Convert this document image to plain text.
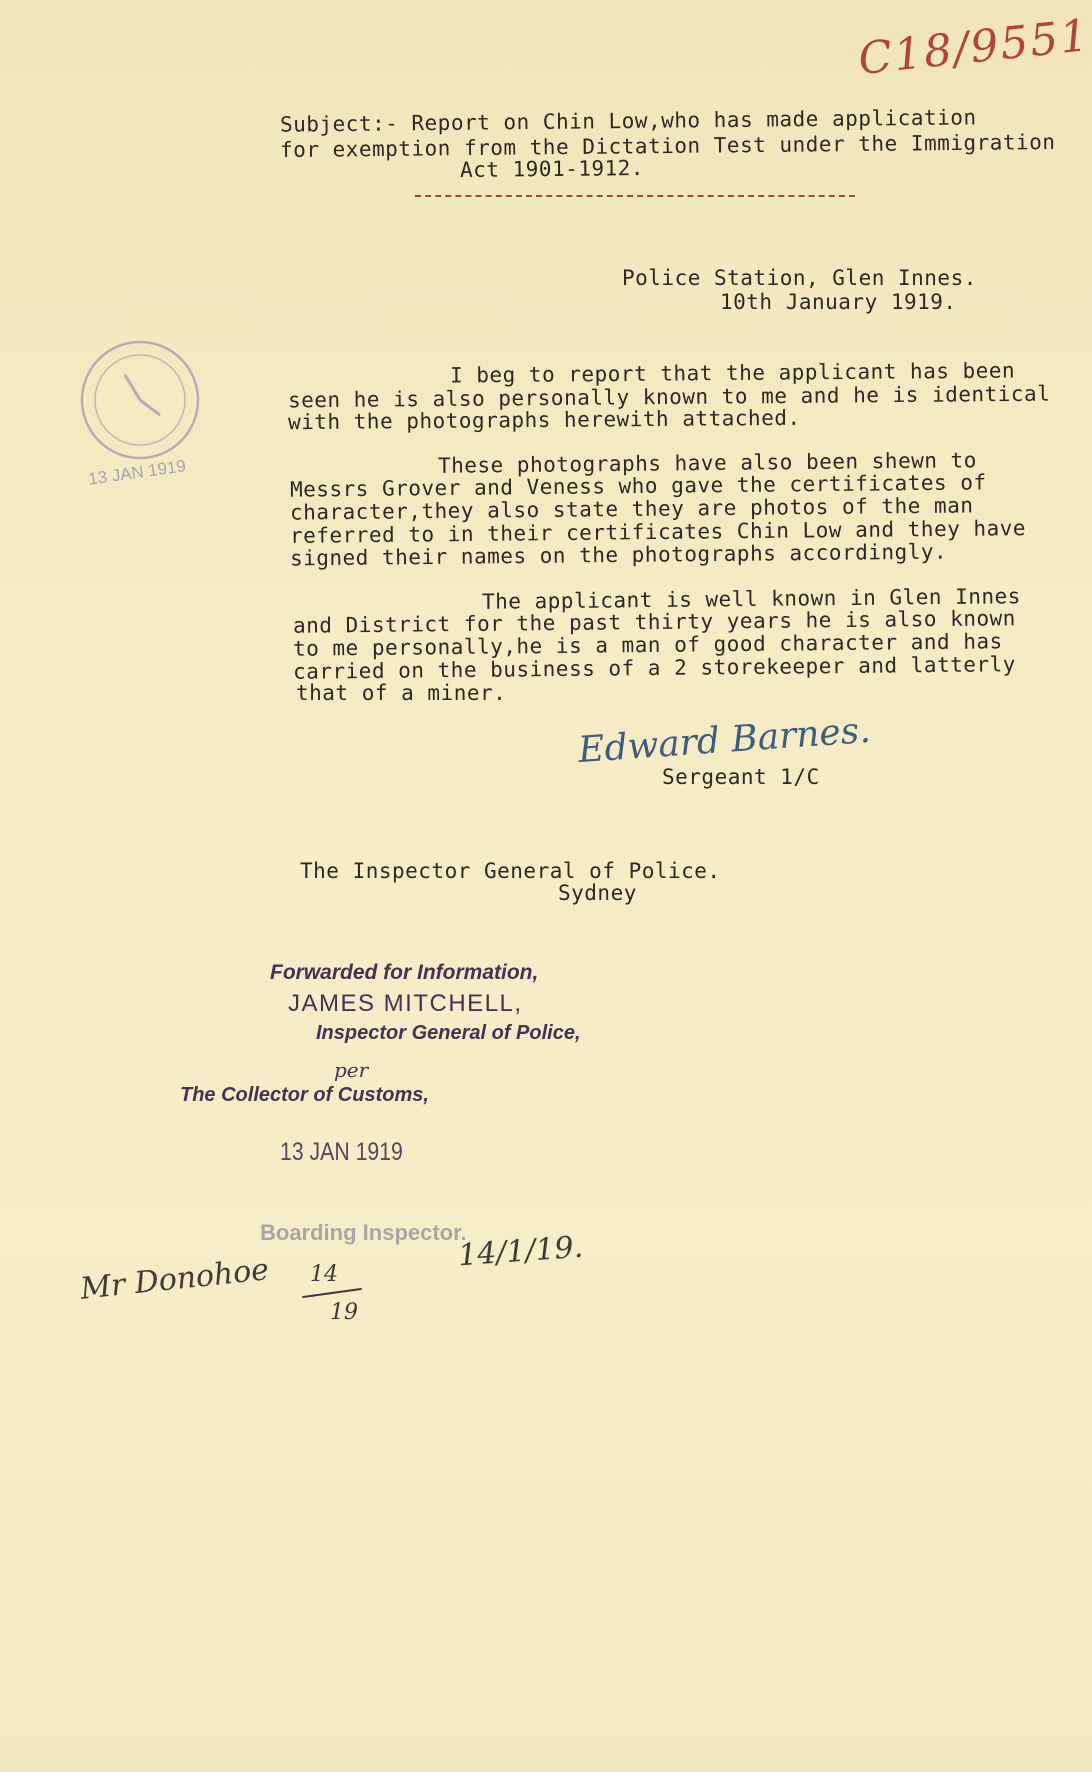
C18/9551
Subject:- Report on Chin Low,who has made application
for exemption from the Dictation Test under the Immigration
Act 1901-1912.
Police Station, Glen Innes.
10th January 1919.
13 JAN 1919
I beg to report that the applicant has been
seen he is also personally known to me and he is identical
with the photographs herewith attached.
These photographs have also been shewn to
Messrs Grover and Veness who gave the certificates of
character,they also state they are photos of the man
referred to in their certificates Chin Low and they have
signed their names on the photographs accordingly.
The applicant is well known in Glen Innes
and District for the past thirty years he is also known
to me personally,he is a man of good character and has
carried on the business of a 2 storekeeper and latterly
that of a miner.
Edward Barnes.
Sergeant 1/C
The Inspector General of Police.
Sydney
Forwarded for Information,
JAMES MITCHELL,
Inspector General of Police,
per
The Collector of Customs,
13 JAN 1919
Boarding Inspector.
14/1/19.
Mr Donohoe 14
19
